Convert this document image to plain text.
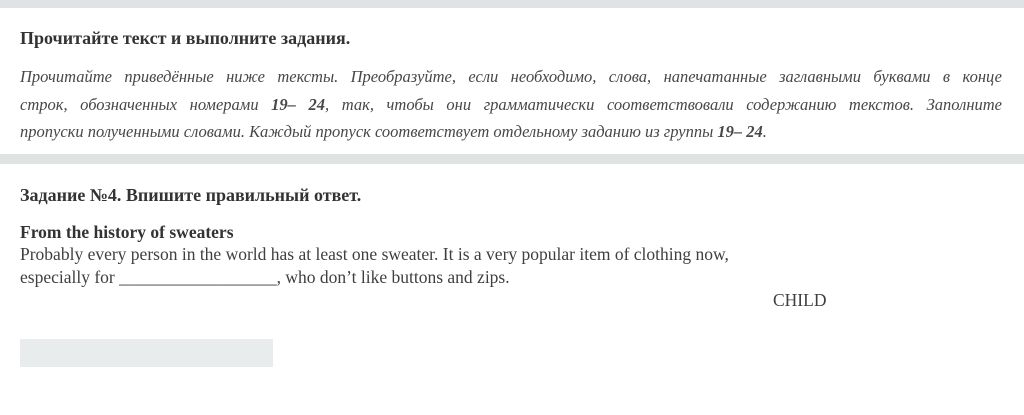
Прочитайте текст и выполните задания.
Прочитайте приведённые ниже тексты. Преобразуйте, если необходимо, слова, напечатанные заглавными буквами в конце
строк, обозначенных номерами 19– 24, так, чтобы они грамматически соответствовали содержанию текстов. Заполните
пропуски полученными словами. Каждый пропуск соответствует отдельному заданию из группы 19– 24.
Задание №4. Впишите правильный ответ.
From the history of sweaters
Probably every person in the world has at least one sweater. It is a very popular item of clothing now,
especially for __________________, who don’t like buttons and zips.
CHILD
